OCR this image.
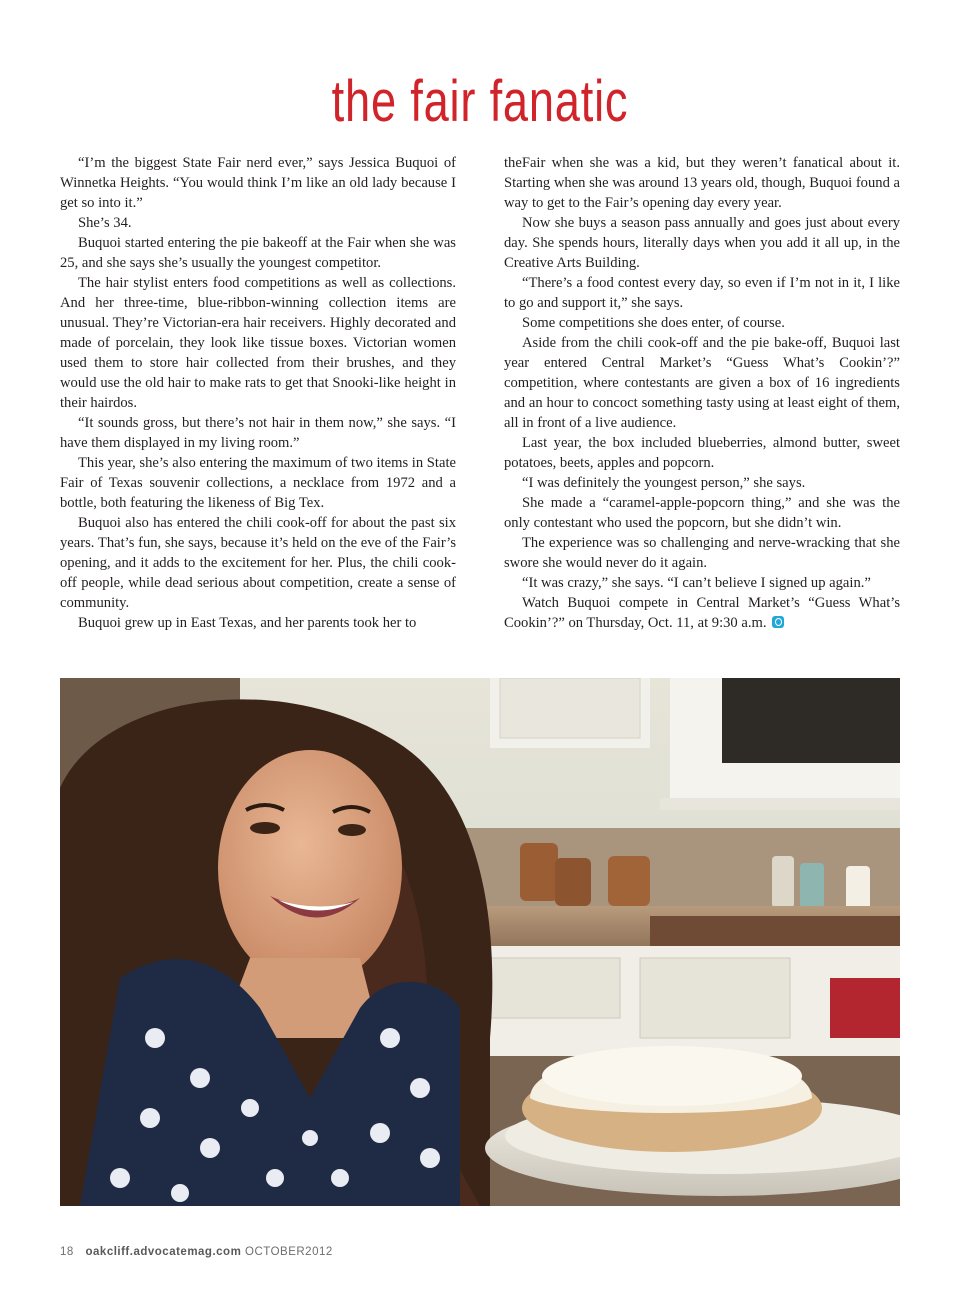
the fair fanatic

“I’m the biggest State Fair nerd ever,” says Jessica Buquoi of Winnetka Heights. “You would think I’m like an old lady because I get so into it.”

She’s 34.

Buquoi started entering the pie bakeoff at the Fair when she was 25, and she says she’s usually the youngest competitor.

The hair stylist enters food competitions as well as collections. And her three-time, blue-ribbon-winning collection items are unusual. They’re Victorian-era hair receivers. Highly decorated and made of porcelain, they look like tissue boxes. Victorian women used them to store hair collected from their brushes, and they would use the old hair to make rats to get that Snooki-like height in their hairdos.

“It sounds gross, but there’s not hair in them now,” she says. “I have them displayed in my living room.”

This year, she’s also entering the maximum of two items in State Fair of Texas souvenir collections, a necklace from 1972 and a bottle, both featuring the likeness of Big Tex.

Buquoi also has entered the chili cook-off for about the past six years. That’s fun, she says, because it’s held on the eve of the Fair’s opening, and it adds to the excitement for her. Plus, the chili cook-off people, while dead serious about competition, create a sense of community.

Buquoi grew up in East Texas, and her parents took her to

theFair when she was a kid, but they weren’t fanatical about it. Starting when she was around 13 years old, though, Buquoi found a way to get to the Fair’s opening day every year.

Now she buys a season pass annually and goes just about every day. She spends hours, literally days when you add it all up, in the Creative Arts Building.

“There’s a food contest every day, so even if I’m not in it, I like to go and support it,” she says.

Some competitions she does enter, of course.

Aside from the chili cook-off and the pie bake-off, Buquoi last year entered Central Market’s “Guess What’s Cookin’?” competition, where contestants are given a box of 16 ingredients and an hour to concoct something tasty using at least eight of them, all in front of a live audience.

Last year, the box included blueberries, almond butter, sweet potatoes, beets, apples and popcorn.

“I was definitely the youngest person,” she says.

She made a “caramel-apple-popcorn thing,” and she was the only contestant who used the popcorn, but she didn’t win.

The experience was so challenging and nerve-wracking that she swore she would never do it again.

“It was crazy,” she says. “I can’t believe I signed up again.”

Watch Buquoi compete in Central Market’s “Guess What’s Cookin’?” on Thursday, Oct. 11, at 9:30 a.m.

18 oakcliff.advocatemag.com OCTOBER2012
